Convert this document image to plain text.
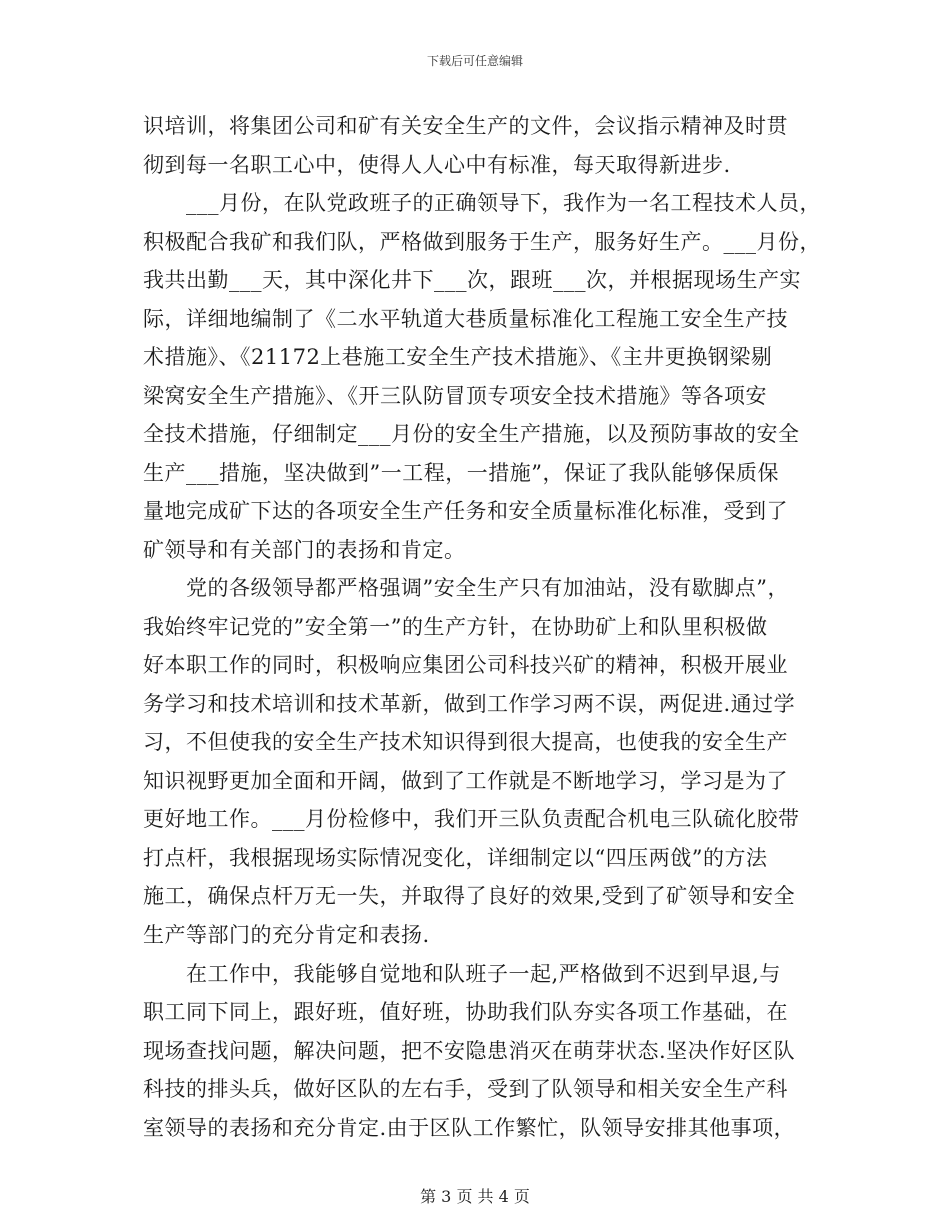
下载后可任意编辑
识培训，将集团公司和矿有关安全生产的文件，会议指示精神及时贯
彻到每一名职工心中，使得人人心中有标准，每天取得新进步.
___月份，在队党政班子的正确领导下，我作为一名工程技术人员，
积极配合我矿和我们队，严格做到服务于生产，服务好生产。___月份，
我共出勤___天，其中深化井下___次，跟班___次，并根据现场生产实
际，详细地编制了《二水平轨道大巷质量标准化工程施工安全生产技
术措施》、《21172上巷施工安全生产技术措施》、《主井更换钢梁剔
梁窝安全生产措施》、《开三队防冒顶专项安全技术措施》等各项安
全技术措施，仔细制定___月份的安全生产措施，以及预防事故的安全
生产___措施，坚决做到”一工程，一措施”，保证了我队能够保质保
量地完成矿下达的各项安全生产任务和安全质量标准化标准，受到了
矿领导和有关部门的表扬和肯定。
党的各级领导都严格强调”安全生产只有加油站，没有歇脚点”，
我始终牢记党的”安全第一”的生产方针，在协助矿上和队里积极做
好本职工作的同时，积极响应集团公司科技兴矿的精神，积极开展业
务学习和技术培训和技术革新，做到工作学习两不误，两促进.通过学
习，不但使我的安全生产技术知识得到很大提高，也使我的安全生产
知识视野更加全面和开阔，做到了工作就是不断地学习，学习是为了
更好地工作。___月份检修中，我们开三队负责配合机电三队硫化胶带
打点杆，我根据现场实际情况变化，详细制定以“四压两戗”的方法
施工，确保点杆万无一失，并取得了良好的效果,受到了矿领导和安全
生产等部门的充分肯定和表扬.
在工作中，我能够自觉地和队班子一起,严格做到不迟到早退,与
职工同下同上，跟好班，值好班，协助我们队夯实各项工作基础，在
现场查找问题，解决问题，把不安隐患消灭在萌芽状态.坚决作好区队
科技的排头兵，做好区队的左右手，受到了队领导和相关安全生产科
室领导的表扬和充分肯定.由于区队工作繁忙，队领导安排其他事项，
第 3 页 共 4 页
